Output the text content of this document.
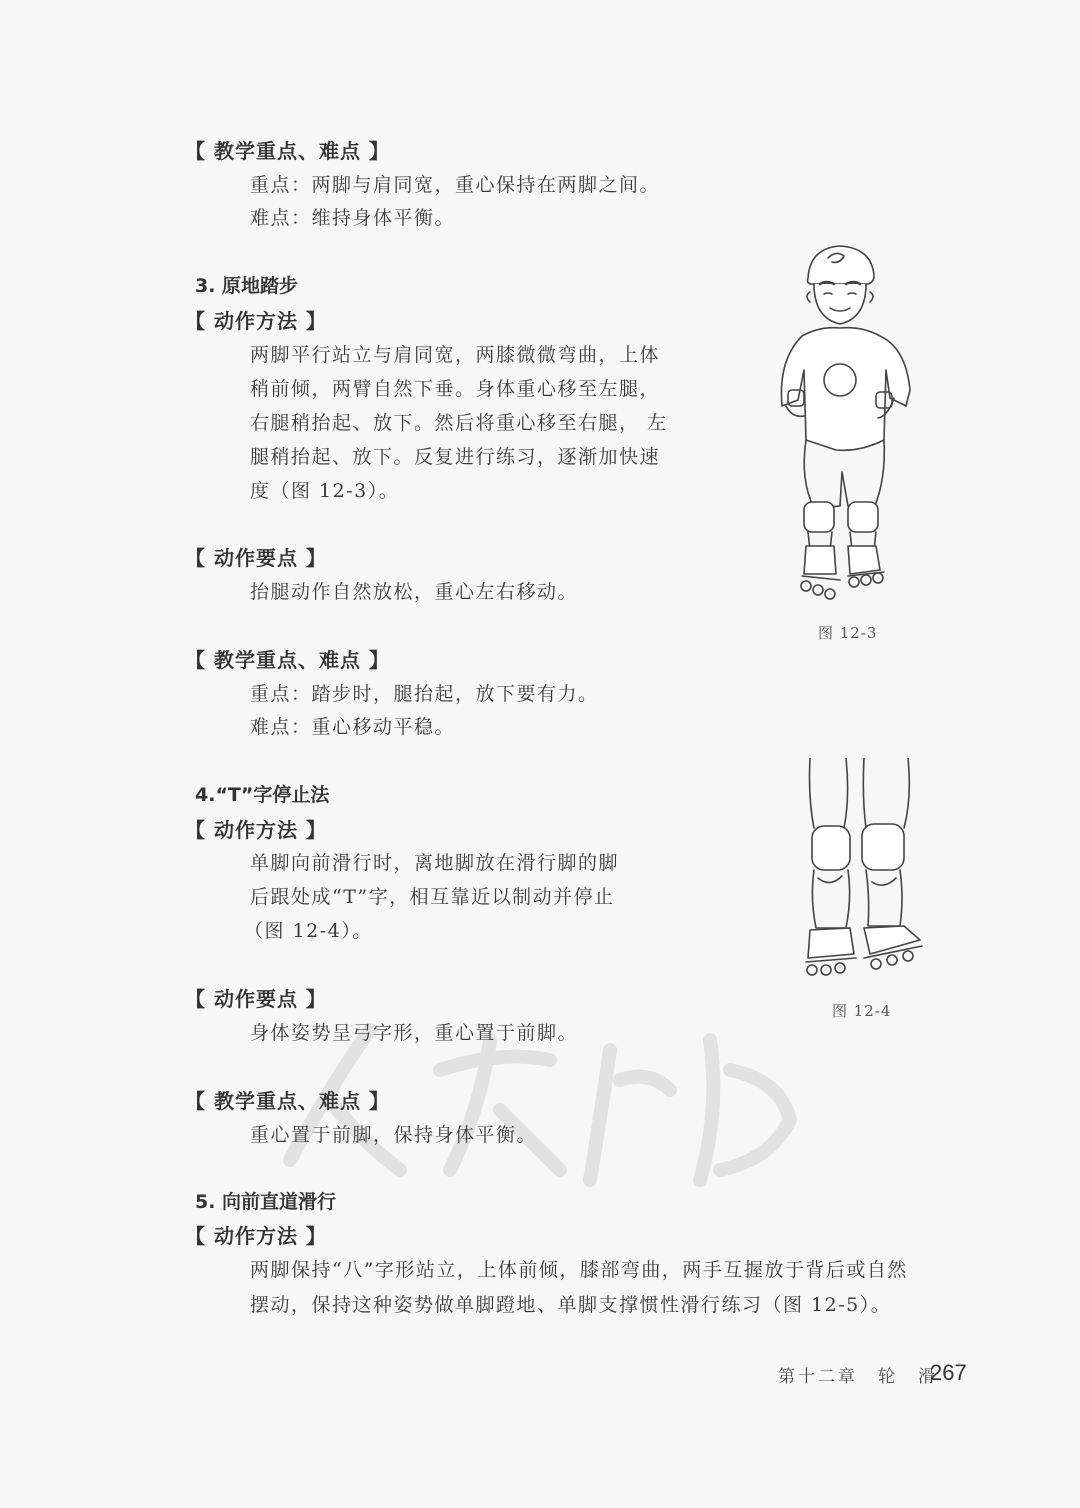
【 教学重点、难点 】
重点：两脚与肩同宽，重心保持在两脚之间。
难点：维持身体平衡。
3. 原地踏步
【 动作方法 】
两脚平行站立与肩同宽，两膝微微弯曲，上体
稍前倾，两臂自然下垂。身体重心移至左腿，
右腿稍抬起、放下。然后将重心移至右腿， 左
腿稍抬起、放下。反复进行练习，逐渐加快速
度（图 12-3）。
【 动作要点 】
抬腿动作自然放松，重心左右移动。
【 教学重点、难点 】
重点：踏步时，腿抬起，放下要有力。
难点：重心移动平稳。
4.“T”字停止法
【 动作方法 】
单脚向前滑行时，离地脚放在滑行脚的脚
后跟处成“T”字，相互靠近以制动并停止
（图 12-4）。
【 动作要点 】
身体姿势呈弓字形，重心置于前脚。
【 教学重点、难点 】
重心置于前脚，保持身体平衡。
5. 向前直道滑行
【 动作方法 】
两脚保持“八”字形站立，上体前倾，膝部弯曲，两手互握放于背后或自然
摆动，保持这种姿势做单脚蹬地、单脚支撑惯性滑行练习（图 12-5）。
图 12-3
图 12-4
第十二章　轮　滑
267
